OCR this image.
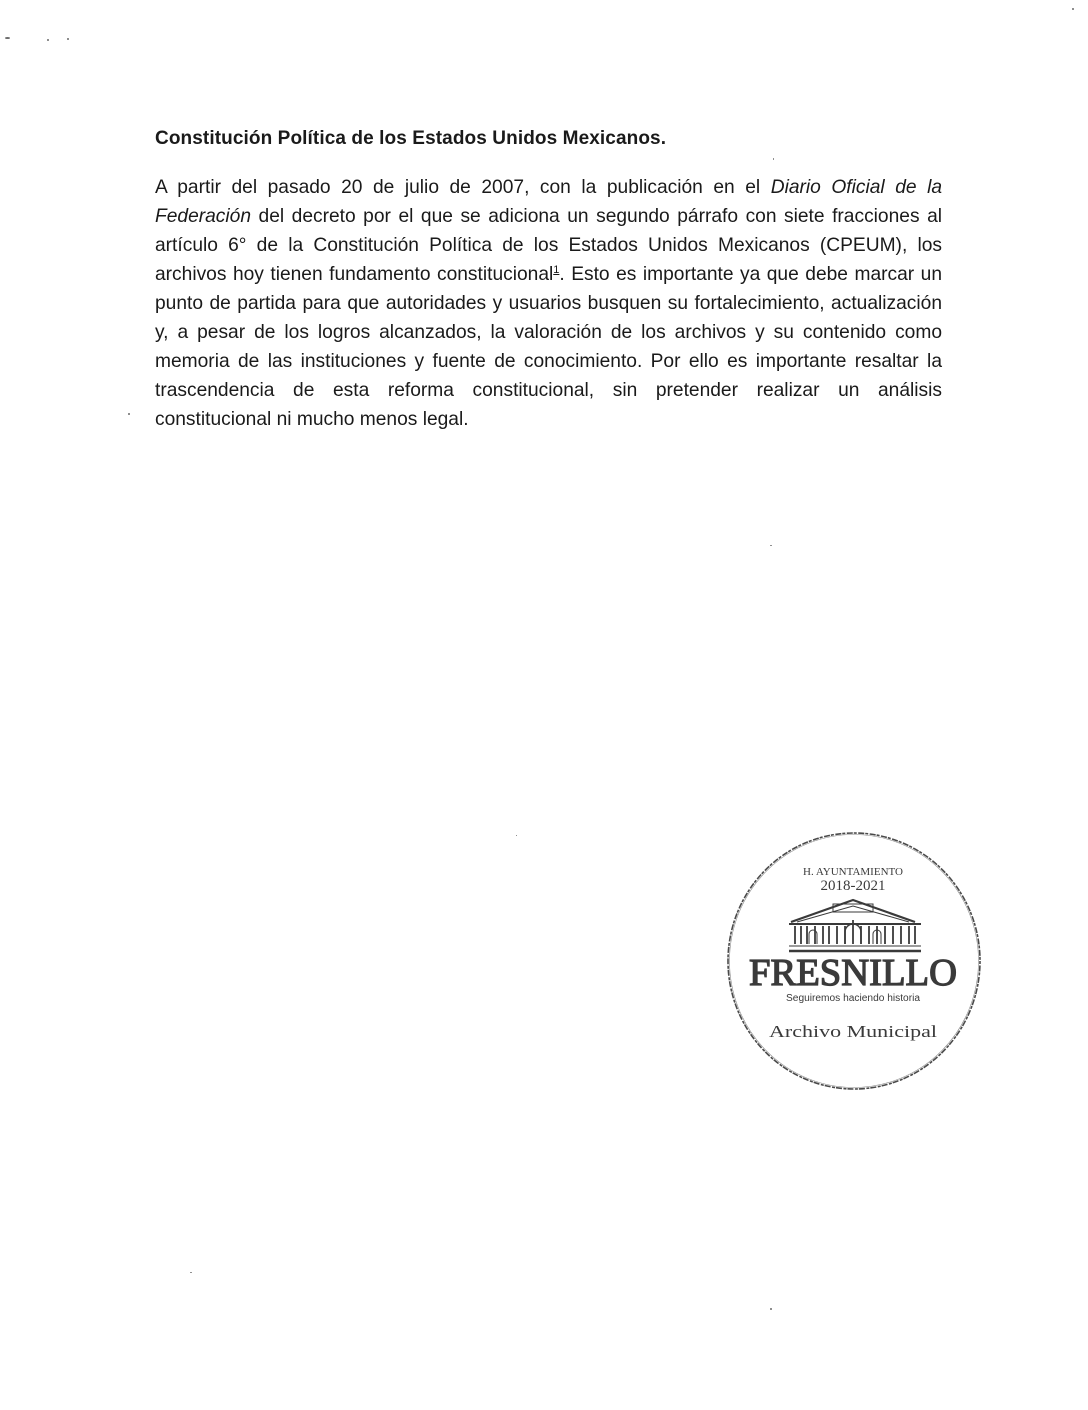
Constitución Política de los Estados Unidos Mexicanos.

A partir del pasado 20 de julio de 2007, con la publicación en el Diario Oficial de la Federación del decreto por el que se adiciona un segundo párrafo con siete fracciones al artículo 6° de la Constitución Política de los Estados Unidos Mexicanos (CPEUM), los archivos hoy tienen fundamento constitucional$^1$. Esto es importante ya que debe marcar un punto de partida para que autoridades y usuarios busquen su fortalecimiento, actualización y, a pesar de los logros alcanzados, la valoración de los archivos y su contenido como memoria de las instituciones y fuente de conocimiento. Por ello es importante resaltar la trascendencia de esta reforma constitucional, sin pretender realizar un análisis constitucional ni mucho menos legal.

H. AYUNTAMIENTO
2018-2021
FRESNILLO
Seguiremos haciendo historia
Archivo Municipal
